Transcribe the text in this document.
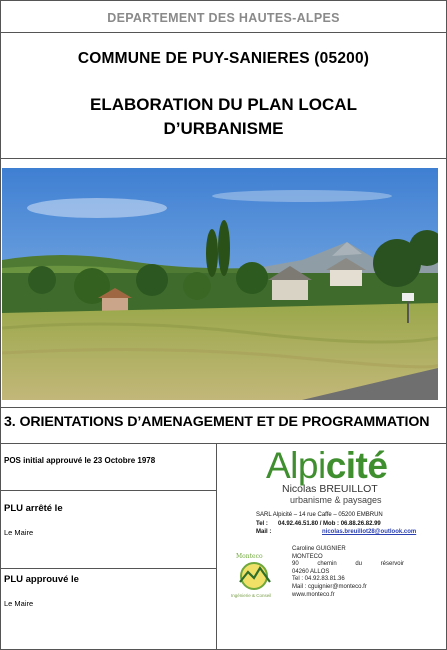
DEPARTEMENT DES HAUTES-ALPES
COMMUNE DE PUY-SANIERES (05200)
ELABORATION DU PLAN LOCAL
D’URBANISME
3. ORIENTATIONS D’AMENAGEMENT ET DE PROGRAMMATION
POS initial approuvé le 23 Octobre 1978
PLU arrêté le
Le Maire
PLU approuvé le
Le Maire
Alpicité
Nicolas BREUILLOT
urbanisme & paysages
SARL Alpicité – 14 rue Caffe – 05200 EMBRUN
Tel : 04.92.46.51.80 / Mob : 06.88.26.82.99
Mail :	nicolas.breuillot28@outlook.com
Monteco
Ingénierie & Conseil
Caroline GUIGNIER
MONTECO
90	chemin	du	réservoir
04260 ALLOS
Tel : 04.92.83.81.36
Mail : cguignier@monteco.fr
www.monteco.fr
